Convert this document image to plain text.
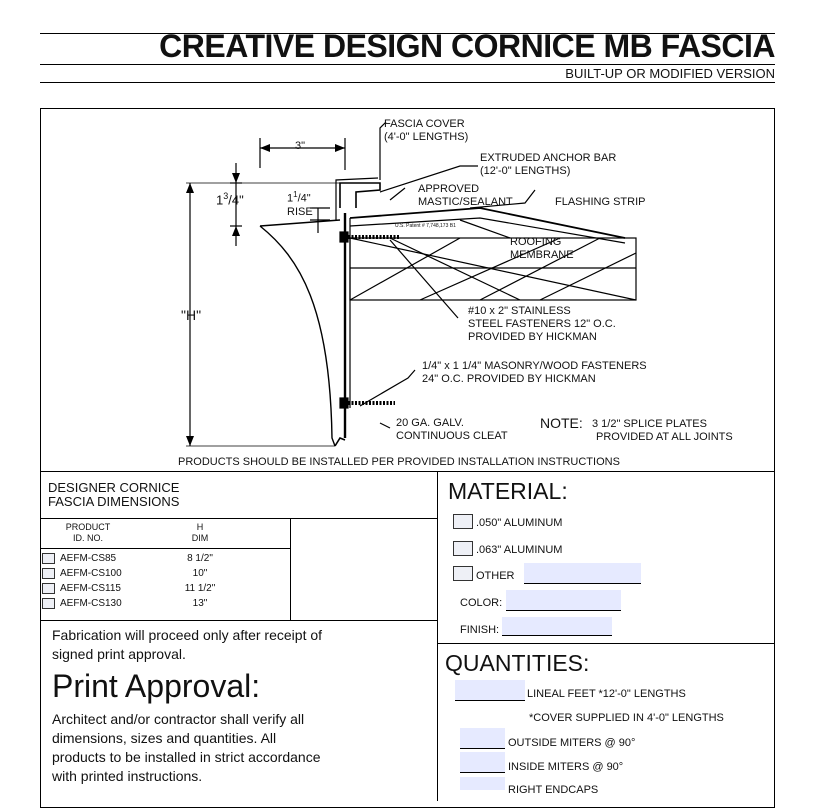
CREATIVE DESIGN CORNICE MB FASCIA
BUILT-UP OR MODIFIED VERSION
FASCIA COVER
(4'-0" LENGTHS)
EXTRUDED ANCHOR BAR
(12'-0" LENGTHS)
APPROVED
MASTIC/SEALANT	FLASHING STRIP
ROOFING
MEMBRANE
#10 x 2" STAINLESS
STEEL FASTENERS 12" O.C.
PROVIDED BY HICKMAN
1/4" x 1 1/4" MASONRY/WOOD FASTENERS
24" O.C. PROVIDED BY HICKMAN
20 GA. GALV.
CONTINUOUS CLEAT
NOTE: 3 1/2" SPLICE PLATES
PROVIDED AT ALL JOINTS
U.S. Patent # 7,748,173 B1
3"
$1^3/4$"	$1^1/4$"
RISE
"H"
PRODUCTS SHOULD BE INSTALLED PER PROVIDED INSTALLATION INSTRUCTIONS
DESIGNER CORNICE
FASCIA DIMENSIONS
PRODUCT
ID. NO.
H
DIM
AEFM-CS85	8 1/2"
AEFM-CS100	10"
AEFM-CS115	11 1/2"
AEFM-CS130	13"
Fabrication will proceed only after receipt of
signed print approval.
Print Approval:
Architect and/or contractor shall verify all
dimensions, sizes and quantities. All
products to be installed in strict accordance
with printed instructions.
MATERIAL:
.050" ALUMINUM
.063" ALUMINUM
OTHER
COLOR:
FINISH:
QUANTITIES:
LINEAL FEET *12'-0" LENGTHS
*COVER SUPPLIED IN 4'-0" LENGTHS
OUTSIDE MITERS @ 90°
INSIDE MITERS @ 90°
RIGHT ENDCAPS
